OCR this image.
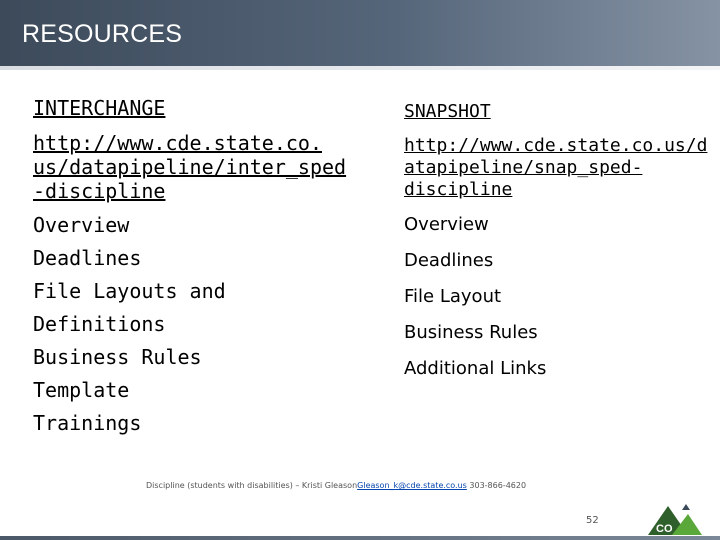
RESOURCES
INTERCHANGE
http://www.cde.state.co.
us/datapipeline/inter_sped
-discipline
Overview
Deadlines
File Layouts and Definitions
Business Rules
Template
Trainings
SNAPSHOT
http://www.cde.state.co.us/d
atapipeline/snap_sped-
discipline
Overview
Deadlines
File Layout
Business Rules
Additional Links
Discipline (students with disabilities) – Kristi GleasonGleason_k@cde.state.co.us 303-866-4620
52
CO
